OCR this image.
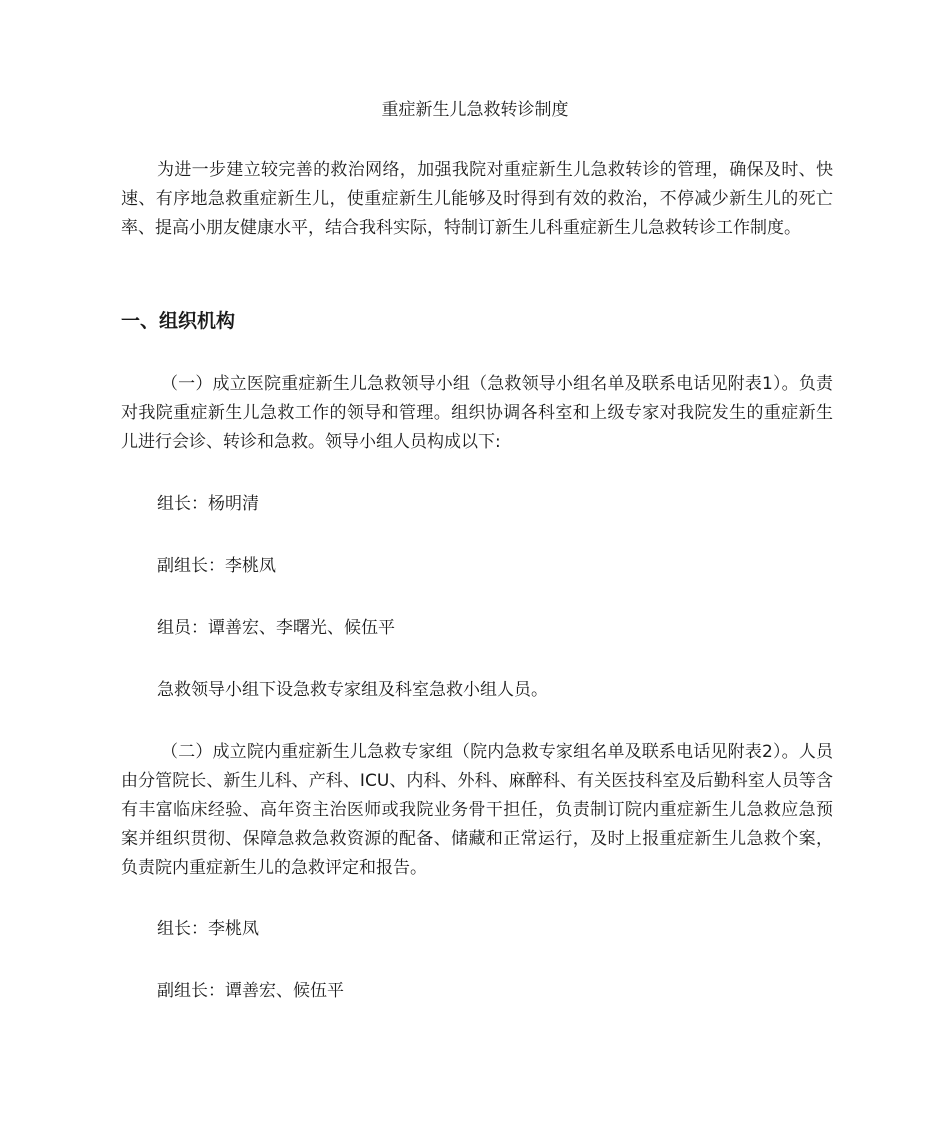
重症新生儿急救转诊制度

为进一步建立较完善的救治网络，加强我院对重症新生儿急救转诊的管理，确保及时、快速、有序地急救重症新生儿，使重症新生儿能够及时得到有效的救治，不停减少新生儿的死亡率、提高小朋友健康水平，结合我科实际，特制订新生儿科重症新生儿急救转诊工作制度。

一、组织机构

（一）成立医院重症新生儿急救领导小组（急救领导小组名单及联系电话见附表1）。负责对我院重症新生儿急救工作的领导和管理。组织协调各科室和上级专家对我院发生的重症新生儿进行会诊、转诊和急救。领导小组人员构成以下:

组长：杨明清
副组长：李桃凤
组员：谭善宏、李曙光、候伍平
急救领导小组下设急救专家组及科室急救小组人员。

（二）成立院内重症新生儿急救专家组（院内急救专家组名单及联系电话见附表2）。人员由分管院长、新生儿科、产科、ICU、内科、外科、麻醉科、有关医技科室及后勤科室人员等含有丰富临床经验、高年资主治医师或我院业务骨干担任，负责制订院内重症新生儿急救应急预案并组织贯彻、保障急救急救资源的配备、储藏和正常运行，及时上报重症新生儿急救个案，负责院内重症新生儿的急救评定和报告。

组长：李桃凤
副组长：谭善宏、候伍平
